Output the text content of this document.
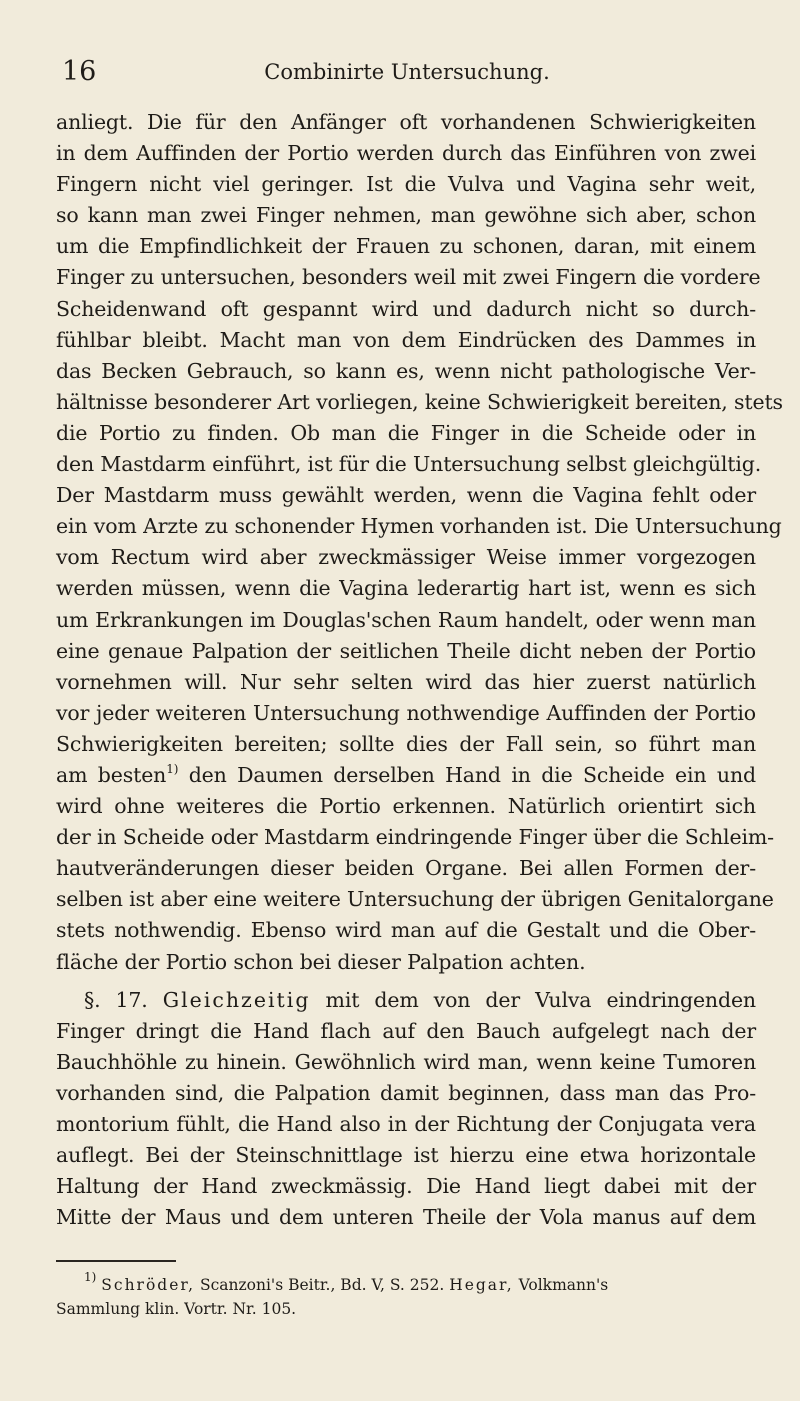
16	Combinirte Untersuchung.
anliegt. Die für den Anfänger oft vorhandenen Schwierigkeiten
in dem Auffinden der Portio werden durch das Einführen von zwei
Fingern nicht viel geringer. Ist die Vulva und Vagina sehr weit,
so kann man zwei Finger nehmen, man gewöhne sich aber, schon
um die Empfindlichkeit der Frauen zu schonen, daran, mit einem
Finger zu untersuchen, besonders weil mit zwei Fingern die vordere
Scheidenwand oft gespannt wird und dadurch nicht so durch-
fühlbar bleibt. Macht man von dem Eindrücken des Dammes in
das Becken Gebrauch, so kann es, wenn nicht pathologische Ver-
hältnisse besonderer Art vorliegen, keine Schwierigkeit bereiten, stets
die Portio zu finden. Ob man die Finger in die Scheide oder in
den Mastdarm einführt, ist für die Untersuchung selbst gleichgültig.
Der Mastdarm muss gewählt werden, wenn die Vagina fehlt oder
ein vom Arzte zu schonender Hymen vorhanden ist. Die Untersuchung
vom Rectum wird aber zweckmässiger Weise immer vorgezogen
werden müssen, wenn die Vagina lederartig hart ist, wenn es sich
um Erkrankungen im Douglas'schen Raum handelt, oder wenn man
eine genaue Palpation der seitlichen Theile dicht neben der Portio
vornehmen will. Nur sehr selten wird das hier zuerst natürlich
vor jeder weiteren Untersuchung nothwendige Auffinden der Portio
Schwierigkeiten bereiten; sollte dies der Fall sein, so führt man
am besten$^{1)}$ den Daumen derselben Hand in die Scheide ein und
wird ohne weiteres die Portio erkennen. Natürlich orientirt sich
der in Scheide oder Mastdarm eindringende Finger über die Schleim-
hautveränderungen dieser beiden Organe. Bei allen Formen der-
selben ist aber eine weitere Untersuchung der übrigen Genitalorgane
stets nothwendig. Ebenso wird man auf die Gestalt und die Ober-
fläche der Portio schon bei dieser Palpation achten.
§. 17. Gleichzeitig mit dem von der Vulva eindringenden
Finger dringt die Hand flach auf den Bauch aufgelegt nach der
Bauchhöhle zu hinein. Gewöhnlich wird man, wenn keine Tumoren
vorhanden sind, die Palpation damit beginnen, dass man das Pro-
montorium fühlt, die Hand also in der Richtung der Conjugata vera
auflegt. Bei der Steinschnittlage ist hierzu eine etwa horizontale
Haltung der Hand zweckmässig. Die Hand liegt dabei mit der
Mitte der Maus und dem unteren Theile der Vola manus auf dem
$^{1)}$ Schröder, Scanzoni's Beitr., Bd. V, S. 252. Hegar, Volkmann's
Sammlung klin. Vortr. Nr. 105.
